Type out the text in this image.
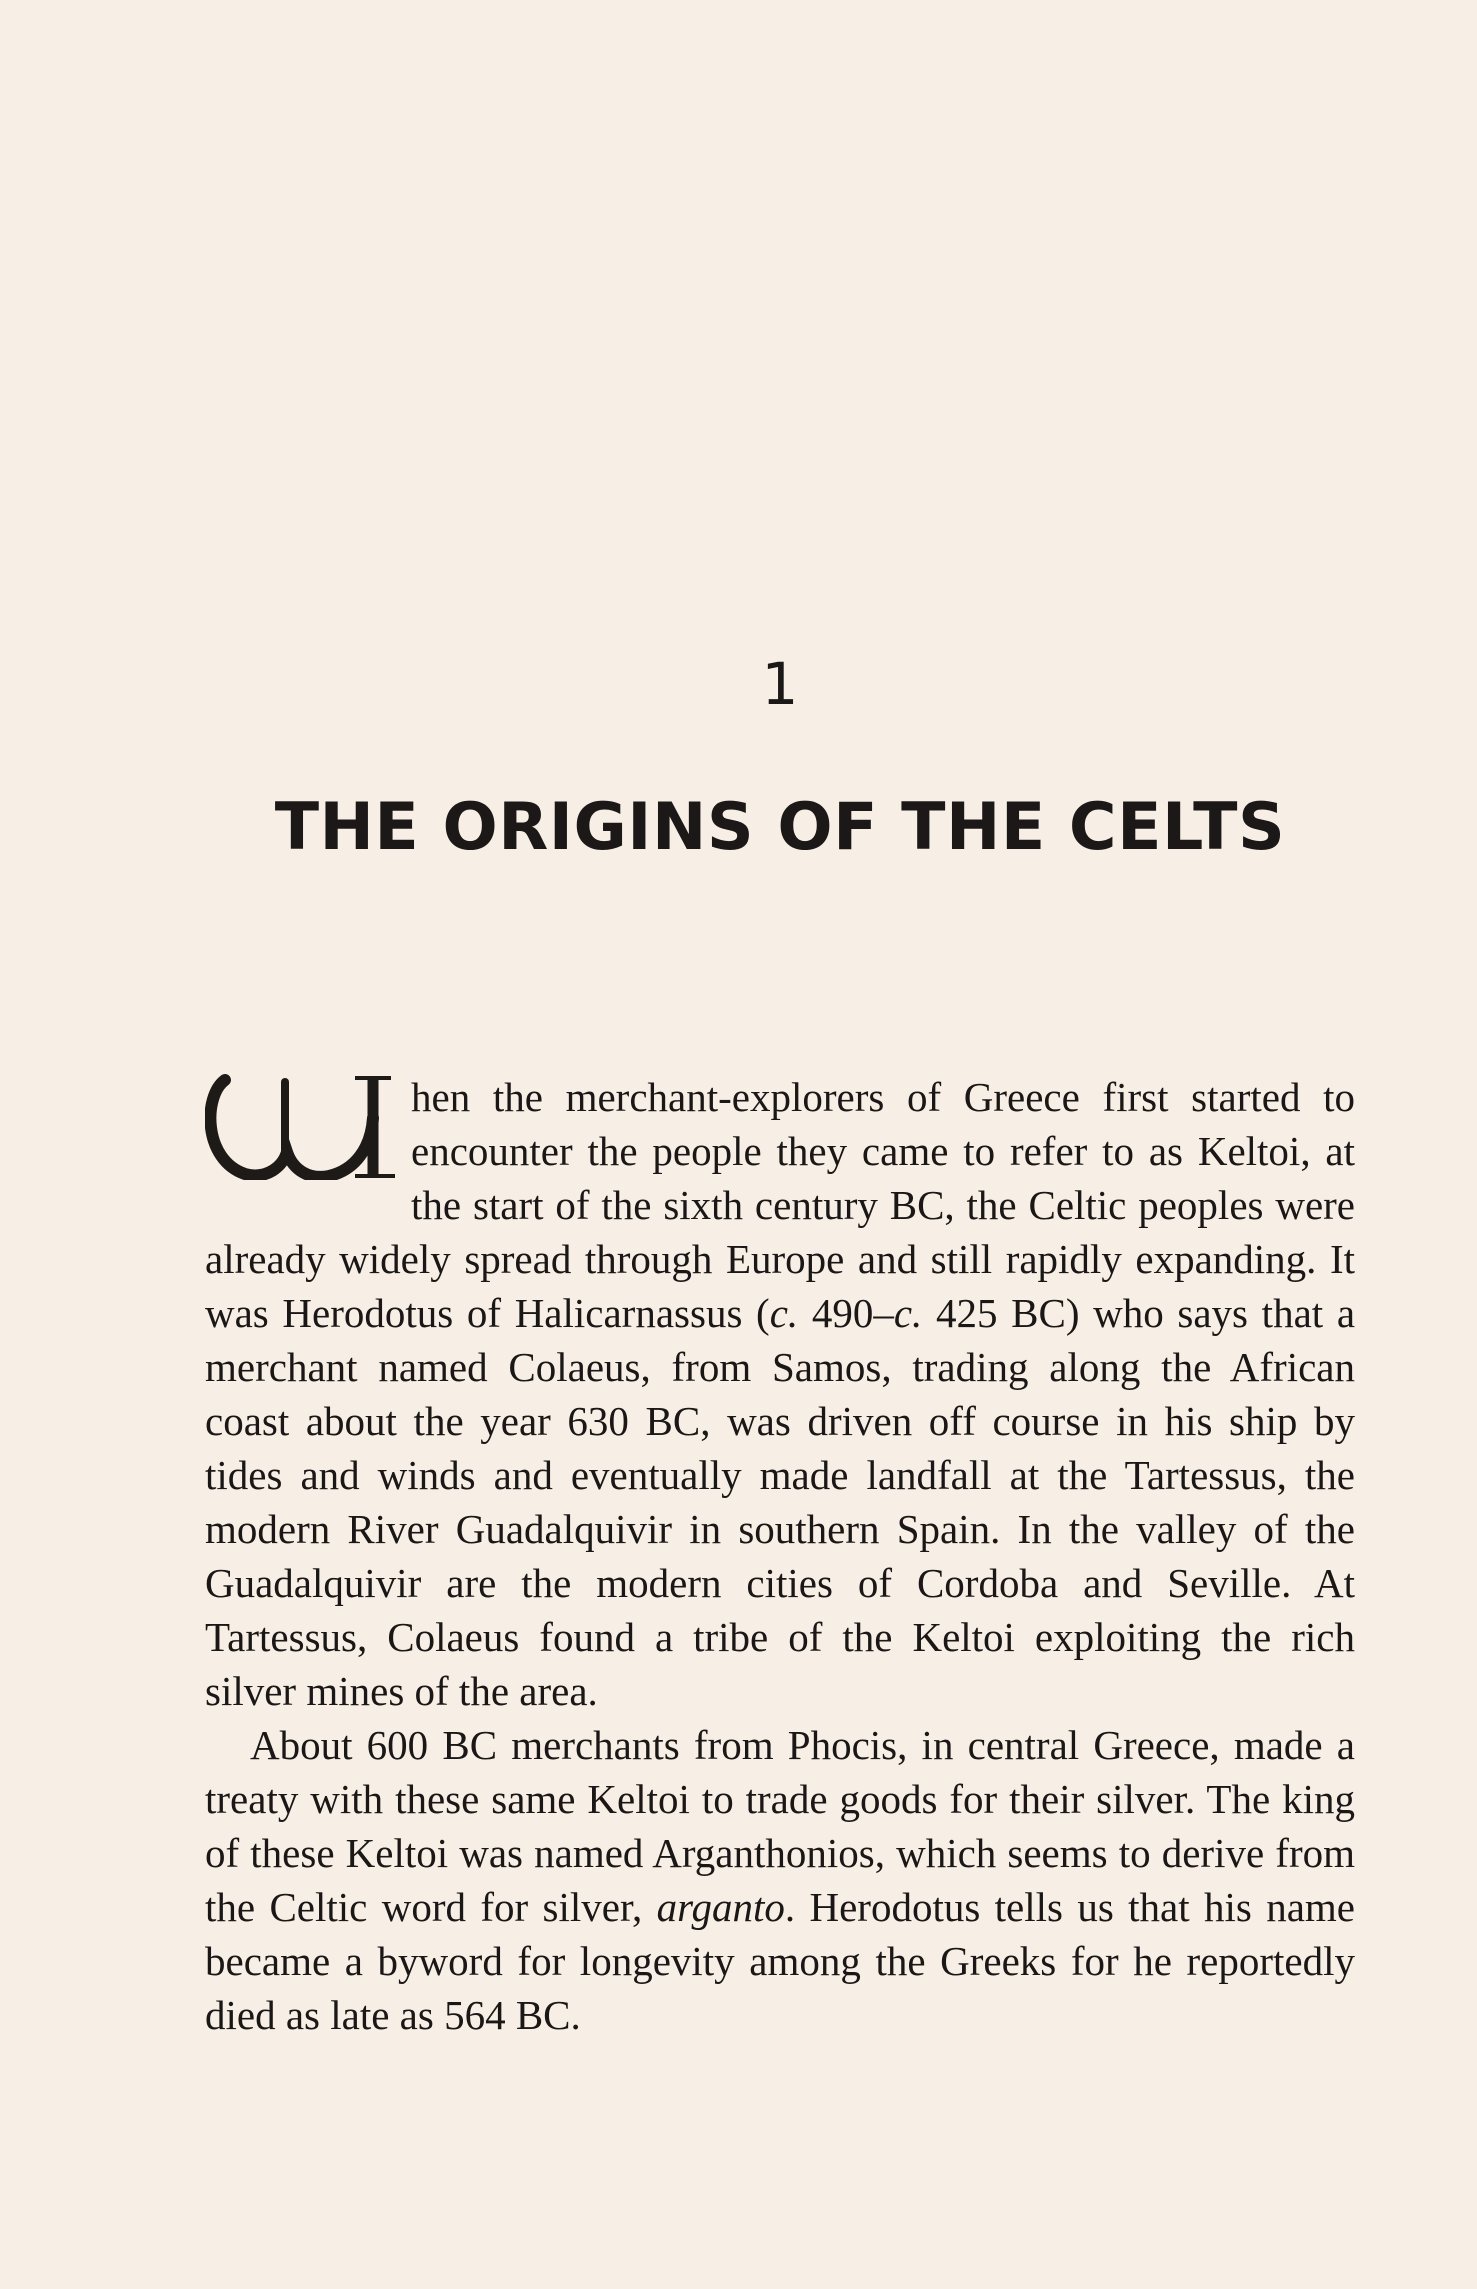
1
THE ORIGINS OF THE CELTS

hen the merchant-explorers of Greece first started to encounter the people they came to refer to as Keltoi, at the start of the sixth century BC, the Celtic peoples were already widely spread through Europe and still rapidly expanding. It was Herodotus of Halicarnassus (c. 490–c. 425 BC) who says that a merchant named Colaeus, from Samos, trading along the African coast about the year 630 BC, was driven off course in his ship by tides and winds and eventually made landfall at the Tartessus, the modern River Guadalquivir in southern Spain. In the valley of the Guadalquivir are the modern cities of Cordoba and Seville. At Tartessus, Colaeus found a tribe of the Keltoi exploiting the rich silver mines of the area.

About 600 BC merchants from Phocis, in central Greece, made a treaty with these same Keltoi to trade goods for their silver. The king of these Keltoi was named Arganthonios, which seems to derive from the Celtic word for silver, arganto. Herodotus tells us that his name became a byword for longevity among the Greeks for he reportedly died as late as 564 BC.
